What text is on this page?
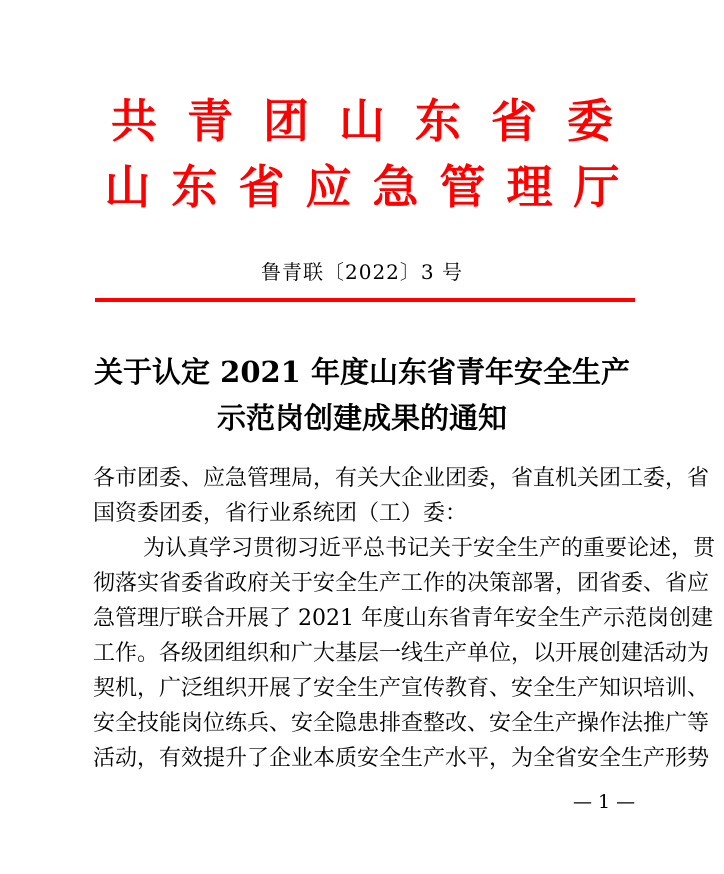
共青团山东省委
山东省应急管理厅
鲁青联〔2022〕3 号
关于认定 2021 年度山东省青年安全生产
示范岗创建成果的通知
各市团委、应急管理局，有关大企业团委，省直机关团工委，省
国资委团委，省行业系统团（工）委：
为认真学习贯彻习近平总书记关于安全生产的重要论述，贯
彻落实省委省政府关于安全生产工作的决策部署，团省委、省应
急管理厅联合开展了 2021 年度山东省青年安全生产示范岗创建
工作。各级团组织和广大基层一线生产单位，以开展创建活动为
契机，广泛组织开展了安全生产宣传教育、安全生产知识培训、
安全技能岗位练兵、安全隐患排查整改、安全生产操作法推广等
活动，有效提升了企业本质安全生产水平，为全省安全生产形势
— 1 —
